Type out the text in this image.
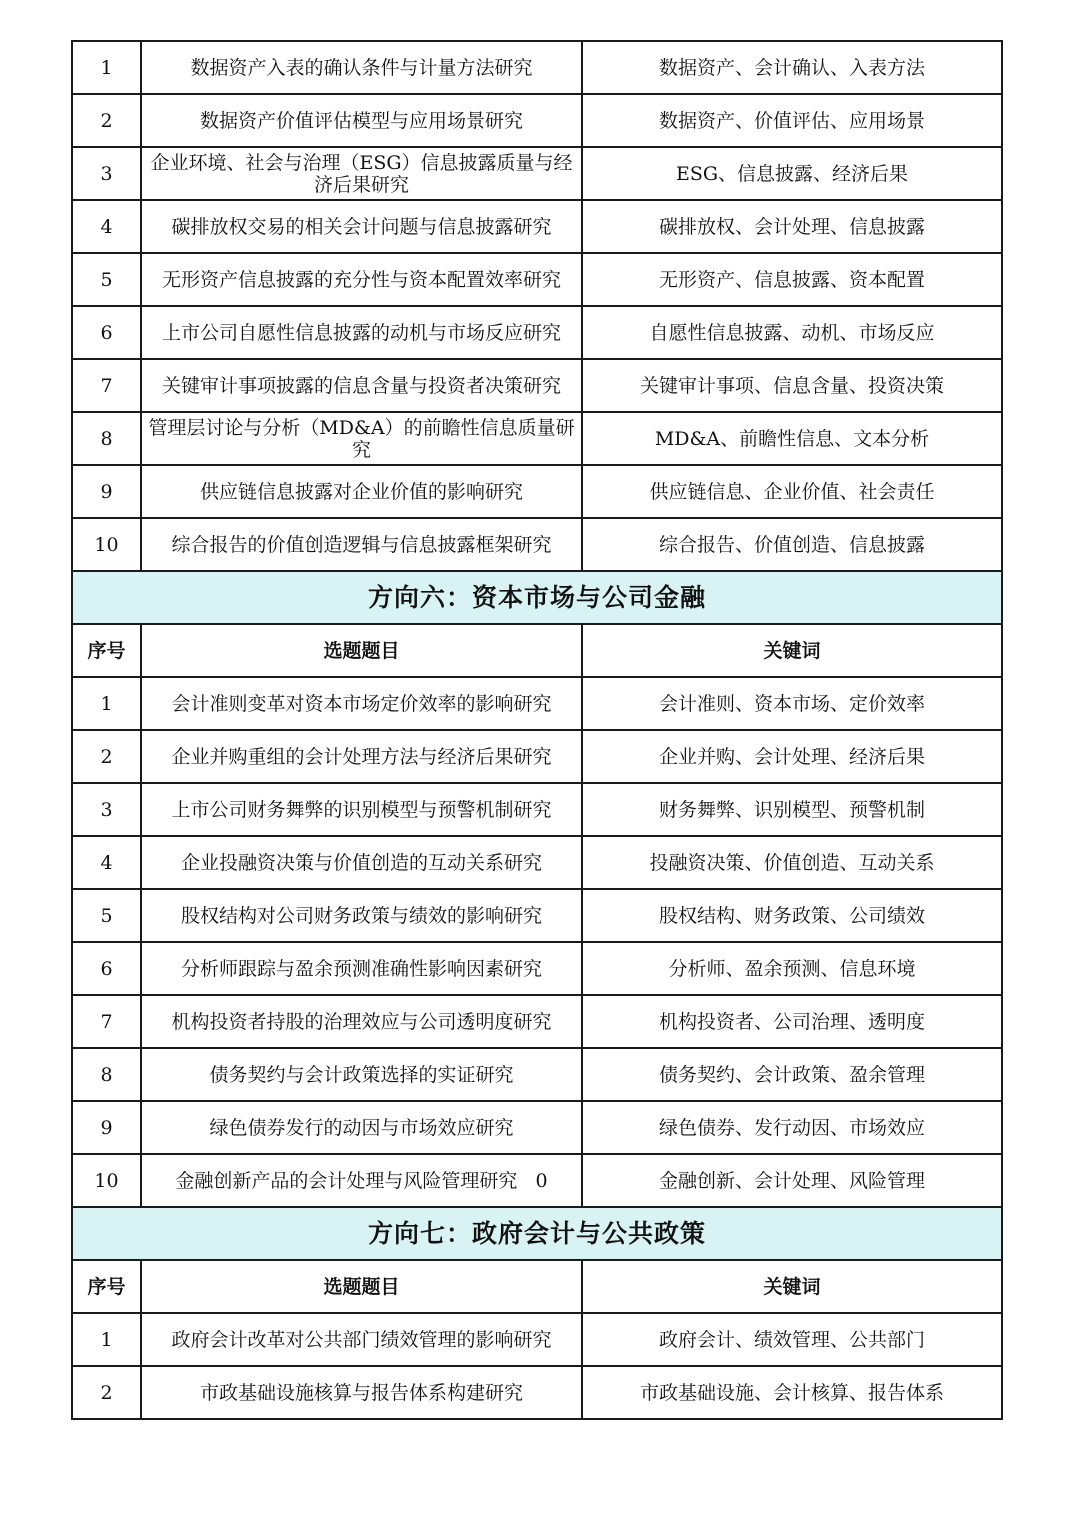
1	数据资产入表的确认条件与计量方法研究	数据资产、会计确认、入表方法
2	数据资产价值评估模型与应用场景研究	数据资产、价值评估、应用场景
3	企业环境、社会与治理（ESG）信息披露质量与经济后果研究	ESG、信息披露、经济后果
4	碳排放权交易的相关会计问题与信息披露研究	碳排放权、会计处理、信息披露
5	无形资产信息披露的充分性与资本配置效率研究	无形资产、信息披露、资本配置
6	上市公司自愿性信息披露的动机与市场反应研究	自愿性信息披露、动机、市场反应
7	关键审计事项披露的信息含量与投资者决策研究	关键审计事项、信息含量、投资决策
8	管理层讨论与分析（MD&A）的前瞻性信息质量研究	MD&A、前瞻性信息、文本分析
9	供应链信息披露对企业价值的影响研究	供应链信息、企业价值、社会责任
10	综合报告的价值创造逻辑与信息披露框架研究	综合报告、价值创造、信息披露
方向六：资本市场与公司金融		
序号	选题题目	关键词
1	会计准则变革对资本市场定价效率的影响研究	会计准则、资本市场、定价效率
2	企业并购重组的会计处理方法与经济后果研究	企业并购、会计处理、经济后果
3	上市公司财务舞弊的识别模型与预警机制研究	财务舞弊、识别模型、预警机制
4	企业投融资决策与价值创造的互动关系研究	投融资决策、价值创造、互动关系
5	股权结构对公司财务政策与绩效的影响研究	股权结构、财务政策、公司绩效
6	分析师跟踪与盈余预测准确性影响因素研究	分析师、盈余预测、信息环境
7	机构投资者持股的治理效应与公司透明度研究	机构投资者、公司治理、透明度
8	债务契约与会计政策选择的实证研究	债务契约、会计政策、盈余管理
9	绿色债券发行的动因与市场效应研究	绿色债券、发行动因、市场效应
10	金融创新产品的会计处理与风险管理研究   0	金融创新、会计处理、风险管理
方向七：政府会计与公共政策		
序号	选题题目	关键词
1	政府会计改革对公共部门绩效管理的影响研究	政府会计、绩效管理、公共部门
2	市政基础设施核算与报告体系构建研究	市政基础设施、会计核算、报告体系
